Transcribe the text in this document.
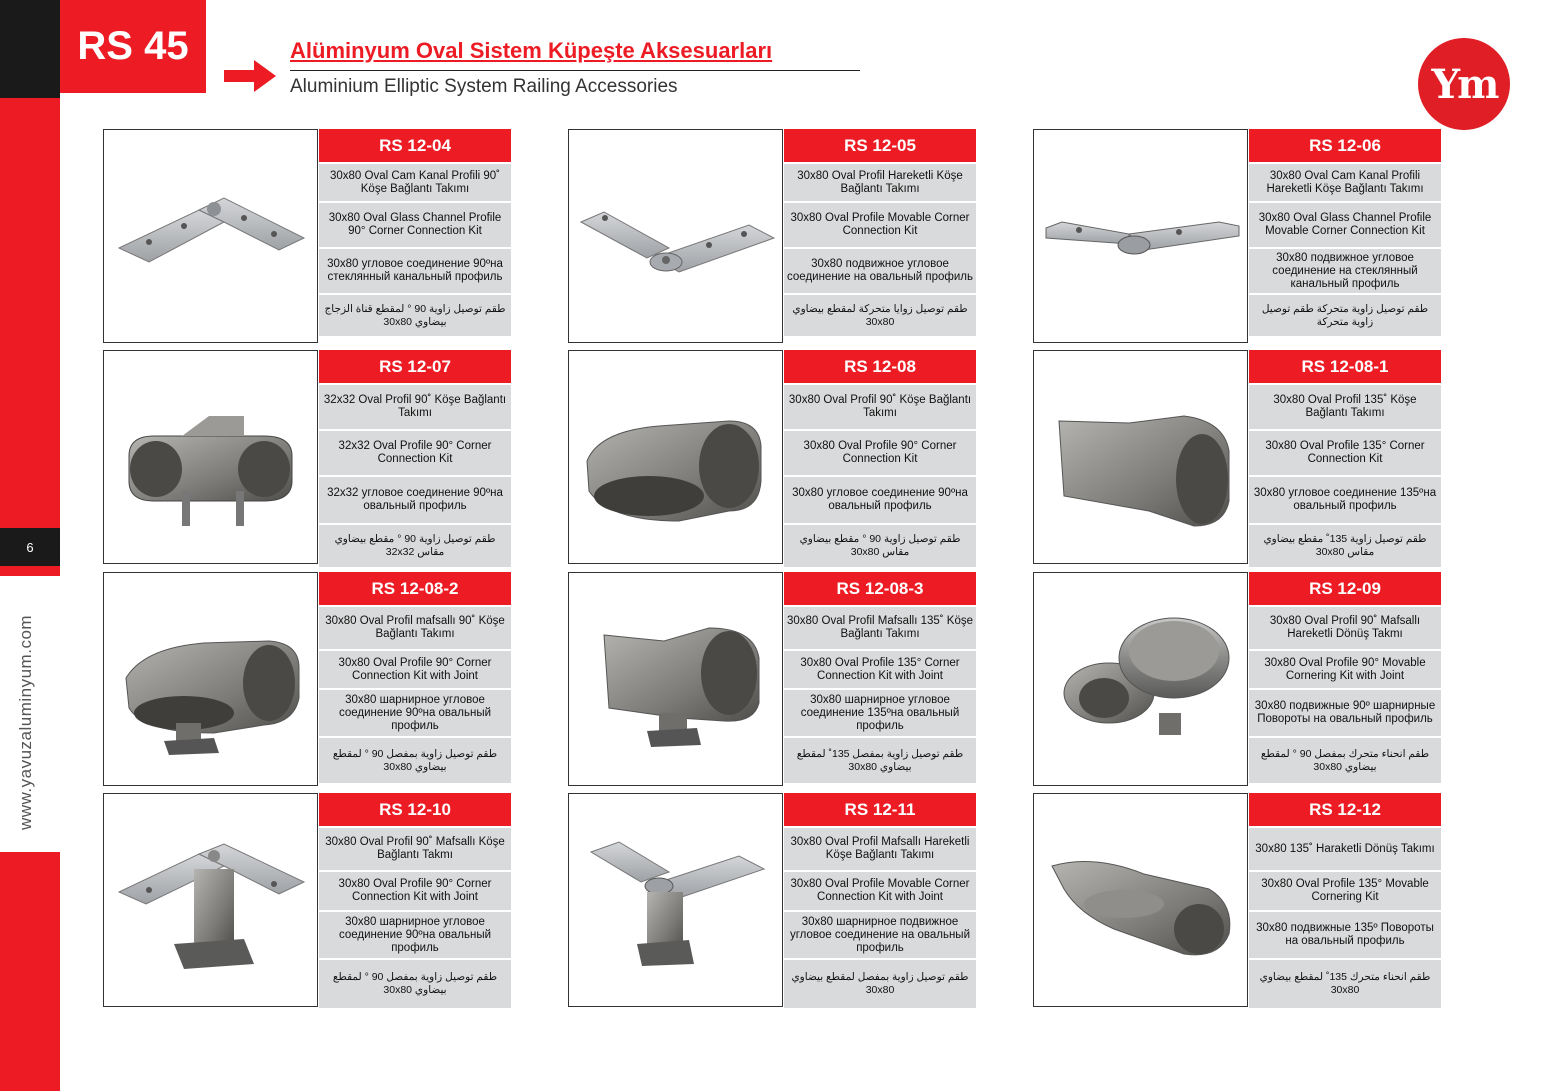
6
www.yavuzaluminyum.com
RS 45	Alüminyum Oval Sistem Küpeşte Aksesuarları
Aluminium Elliptic System Railing Accessories	Ym
RS 12-04
30x80 Oval Cam Kanal Profili 90˚ Köşe Bağlantı Takımı
30x80 Oval Glass Channel Profile 90° Corner Connection Kit
30x80 угловое соединение 90ºна стеклянный канальный профиль
طقم توصيل زاوية 90 ° لمقطع قناة الزجاج بيضاوي 30x80
RS 12-05
30x80 Oval Profil Hareketli Köşe Bağlantı Takımı
30x80 Oval Profile Movable Corner Connection Kit
30x80 подвижное угловое соединение на овальный профиль
طقم توصيل زوايا متحركة لمقطع بيضاوي 30x80
RS 12-06
30x80 Oval Cam Kanal Profili Hareketli Köşe Bağlantı Takımı
30x80 Oval Glass Channel Profile Movable Corner Connection Kit
30x80 подвижное угловое соединение на стеклянный канальный профиль
طقم توصيل زاوية متحركة طقم توصيل زاوية متحركة
RS 12-07
32x32 Oval Profil 90˚ Köşe Bağlantı Takımı
32x32 Oval Profile 90° Corner Connection Kit
32x32 угловое соединение 90ºна овальный профиль
طقم توصيل زاوية 90 ° مقطع بيضاوي مقاس 32x32
RS 12-08
30x80 Oval Profil 90˚ Köşe Bağlantı Takımı
30x80 Oval Profile 90° Corner Connection Kit
30x80 угловое соединение 90ºна овальный профиль
طقم توصيل زاوية 90 ° مقطع بيضاوي مقاس 30x80
RS 12-08-1
30x80 Oval Profil 135˚ Köşe Bağlantı Takımı
30x80 Oval Profile 135° Corner Connection Kit
30x80 угловое соединение 135ºна овальный профиль
طقم توصيل زاوية 135˚ مقطع بيضاوي مقاس 30x80
RS 12-08-2
30x80 Oval Profil mafsallı 90˚ Köşe Bağlantı Takımı
30x80 Oval Profile 90° Corner Connection Kit with Joint
30x80 шарнирное угловое соединение 90ºна овальный профиль
طقم توصيل زاوية بمفصل 90 ° لمقطع بيضاوي 30x80
RS 12-08-3
30x80 Oval Profil Mafsallı 135˚ Köşe Bağlantı Takımı
30x80 Oval Profile 135° Corner Connection Kit with Joint
30x80 шарнирное угловое соединение 135ºна овальный профиль
طقم توصيل زاوية بمفصل 135˚ لمقطع بيضاوي 30x80
RS 12-09
30x80 Oval Profil 90˚ Mafsallı Hareketli Dönüş Takmı
30x80 Oval Profile 90° Movable Cornering Kit with Joint
30x80 подвижные 90º шарнирные Повороты на овальный профиль
طقم انحناء متحرك بمفصل 90 ° لمقطع بيضاوي 30x80
RS 12-10
30x80 Oval Profil 90˚ Mafsallı Köşe Bağlantı Takmı
30x80 Oval Profile 90° Corner Connection Kit with Joint
30x80 шарнирное угловое соединение 90ºна овальный профиль
طقم توصيل زاوية بمفصل 90 ° لمقطع بيضاوي 30x80
RS 12-11
30x80 Oval Profil Mafsallı Hareketli Köşe Bağlantı Takımı
30x80 Oval Profile Movable Corner Connection Kit with Joint
30x80 шарнирное подвижное угловое соединение на овальный профиль
طقم توصيل زاوية بمفصل لمقطع بيضاوي 30x80
RS 12-12
30x80 135˚ Haraketli Dönüş Takımı
30x80 Oval Profile 135° Movable Cornering Kit
30x80 подвижные 135º Повороты на овальный профиль
طقم انحناء متحرك 135˚ لمقطع بيضاوي 30x80
